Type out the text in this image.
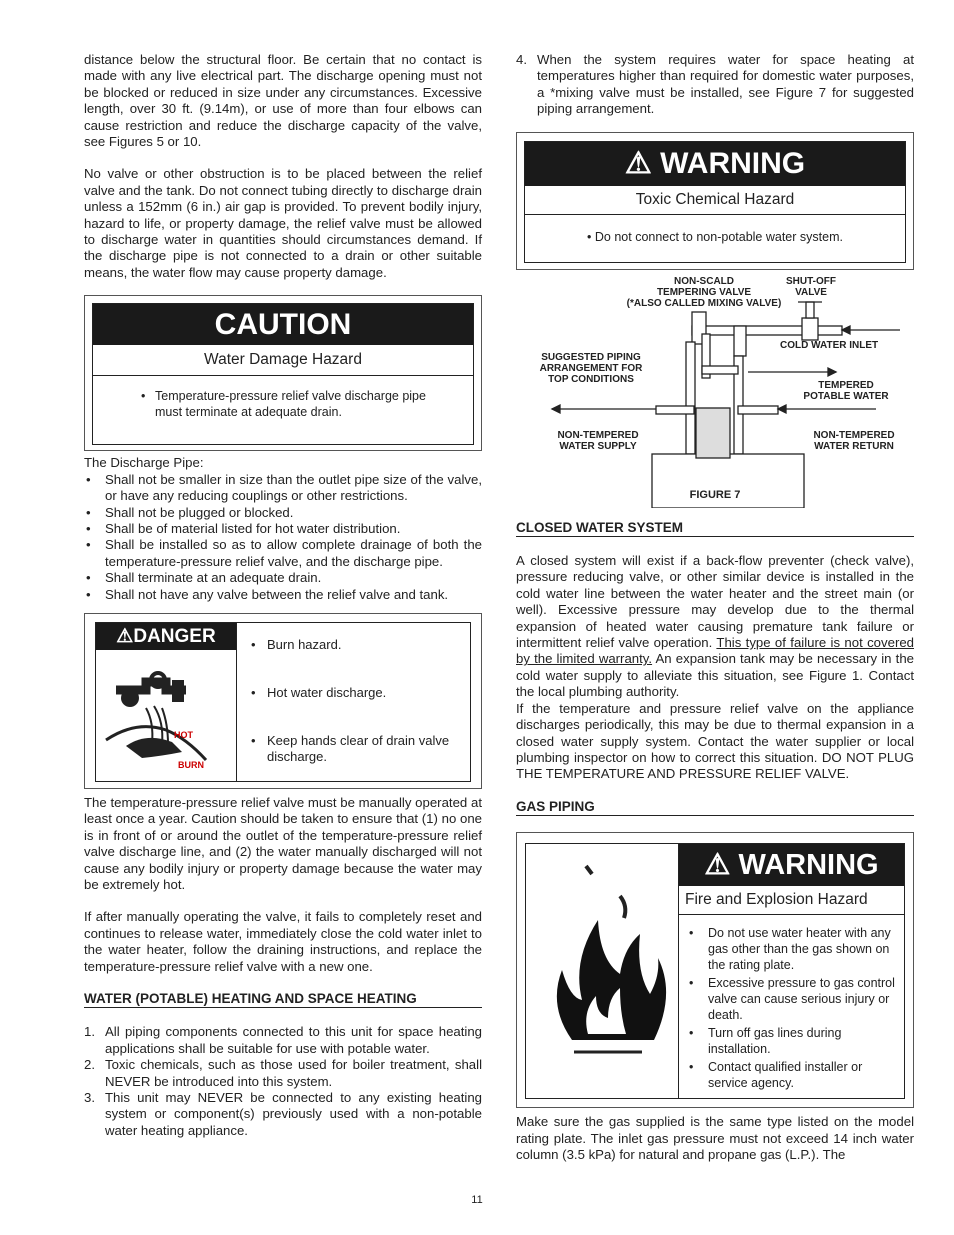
distance below the structural floor. Be certain that no contact is made with any live electrical part. The discharge opening must not be blocked or reduced in size under any circumstances. Excessive length, over 30 ft. (9.14m), or use of more than four elbows can cause restriction and reduce the discharge capacity of the valve, see Figures 5 or 10.

No valve or other obstruction is to be placed between the relief valve and the tank. Do not connect tubing directly to discharge drain unless a 152mm (6 in.) air gap is provided. To prevent bodily injury, hazard to life, or property damage, the relief valve must be allowed to discharge water in quantities should circumstances demand. If the discharge pipe is not connected to a drain or other suitable means, the water flow may cause property damage.

CAUTION
Water Damage Hazard
• Temperature-pressure relief valve discharge pipe must terminate at adequate drain.
The Discharge Pipe:
• Shall not be smaller in size than the outlet pipe size of the valve, or have any reducing couplings or other restrictions.
• Shall not be plugged or blocked.
• Shall be of material listed for hot water distribution.
• Shall be installed so as to allow complete drainage of both the temperature-pressure relief valve, and the discharge pipe.
• Shall terminate at an adequate drain.
• Shall not have any valve between the relief valve and tank.
⚠DANGER
HOT
BURN
• Burn hazard.
• Hot water discharge.
• Keep hands clear of drain valve discharge.

The temperature-pressure relief valve must be manually operated at least once a year. Caution should be taken to ensure that (1) no one is in front of or around the outlet of the temperature-pressure relief valve discharge line, and (2) the water manually discharged will not cause any bodily injury or property damage because the water may be extremely hot.

If after manually operating the valve, it fails to completely reset and continues to release water, immediately close the cold water inlet to the water heater, follow the draining instructions, and replace the temperature-pressure relief valve with a new one.

WATER (POTABLE) HEATING AND SPACE HEATING
1. All piping components connected to this unit for space heating applications shall be suitable for use with potable water.
2. Toxic chemicals, such as those used for boiler treatment, shall NEVER be introduced into this system.
3. This unit may NEVER be connected to any existing heating system or component(s) previously used with a non-potable water heating appliance.
4. When the system requires water for space heating at temperatures higher than required for domestic water purposes, a *mixing valve must be installed, see Figure 7 for suggested piping arrangement.
⚠ WARNING
Toxic Chemical Hazard
• Do not connect to non-potable water system.
NON-SCALD
TEMPERING VALVE
(*ALSO CALLED MIXING VALVE)
SHUT-OFF
VALVE
COLD WATER INLET
SUGGESTED PIPING
ARRANGEMENT FOR
TOP CONDITIONS
TEMPERED
POTABLE WATER
NON-TEMPERED
WATER SUPPLY
NON-TEMPERED
WATER RETURN
FIGURE 7
CLOSED WATER SYSTEM

A closed system will exist if a back-flow preventer (check valve), pressure reducing valve, or other similar device is installed in the cold water line between the water heater and the street main (or well). Excessive pressure may develop due to the thermal expansion of heated water causing premature tank failure or intermittent relief valve operation. This type of failure is not covered by the limited warranty. An expansion tank may be necessary in the cold water supply to alleviate this situation, see Figure 1. Contact the local plumbing authority.

If the temperature and pressure relief valve on the appliance discharges periodically, this may be due to thermal expansion in a closed water supply system. Contact the water supplier or local plumbing inspector on how to correct this situation. DO NOT PLUG THE TEMPERATURE AND PRESSURE RELIEF VALVE.

GAS PIPING
⚠ WARNING
Fire and Explosion Hazard
• Do not use water heater with any gas other than the gas shown on the rating plate.
• Excessive pressure to gas control valve can cause serious injury or death.
• Turn off gas lines during installation.
• Contact qualified installer or service agency.

Make sure the gas supplied is the same type listed on the model rating plate. The inlet gas pressure must not exceed 14 inch water column (3.5 kPa) for natural and propane gas (L.P.). The

11
